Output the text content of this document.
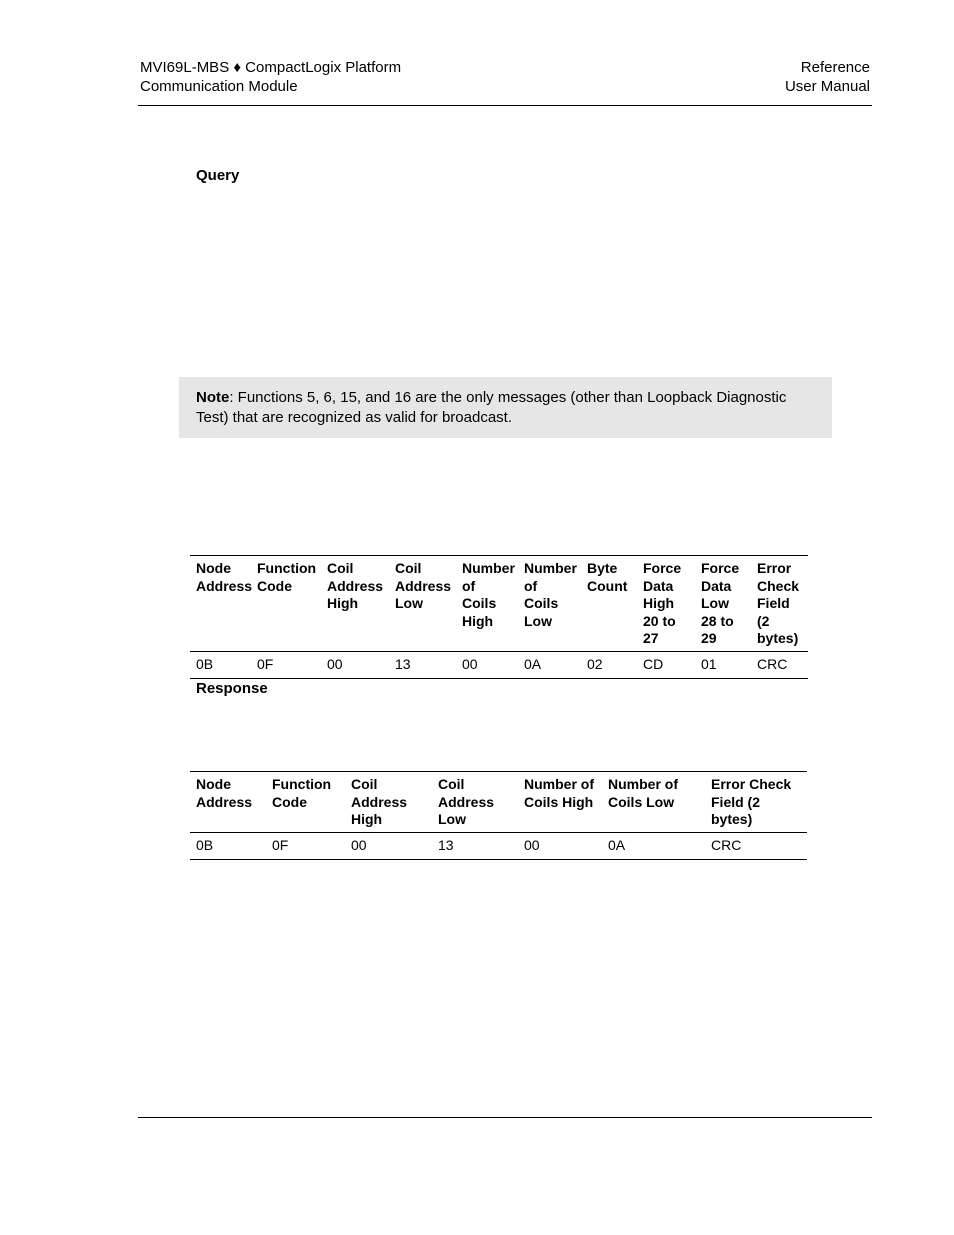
MVI69L-MBS ♦ CompactLogix Platform
Communication Module
Reference
User Manual
Query
Note: Functions 5, 6, 15, and 16 are the only messages (other than Loopback Diagnostic Test) that are recognized as valid for broadcast.
Node Address	Function Code	Coil Address High	Coil Address Low	Number of Coils High	Number of Coils Low	Byte Count	Force Data High 20 to 27	Force Data Low 28 to 29	Error Check Field (2 bytes)
0B	0F	00	13	00	0A	02	CD	01	CRC
Response
Node Address	Function Code	Coil Address High	Coil Address Low	Number of Coils High	Number of Coils Low	Error Check Field (2 bytes)
0B	0F	00	13	00	0A	CRC
